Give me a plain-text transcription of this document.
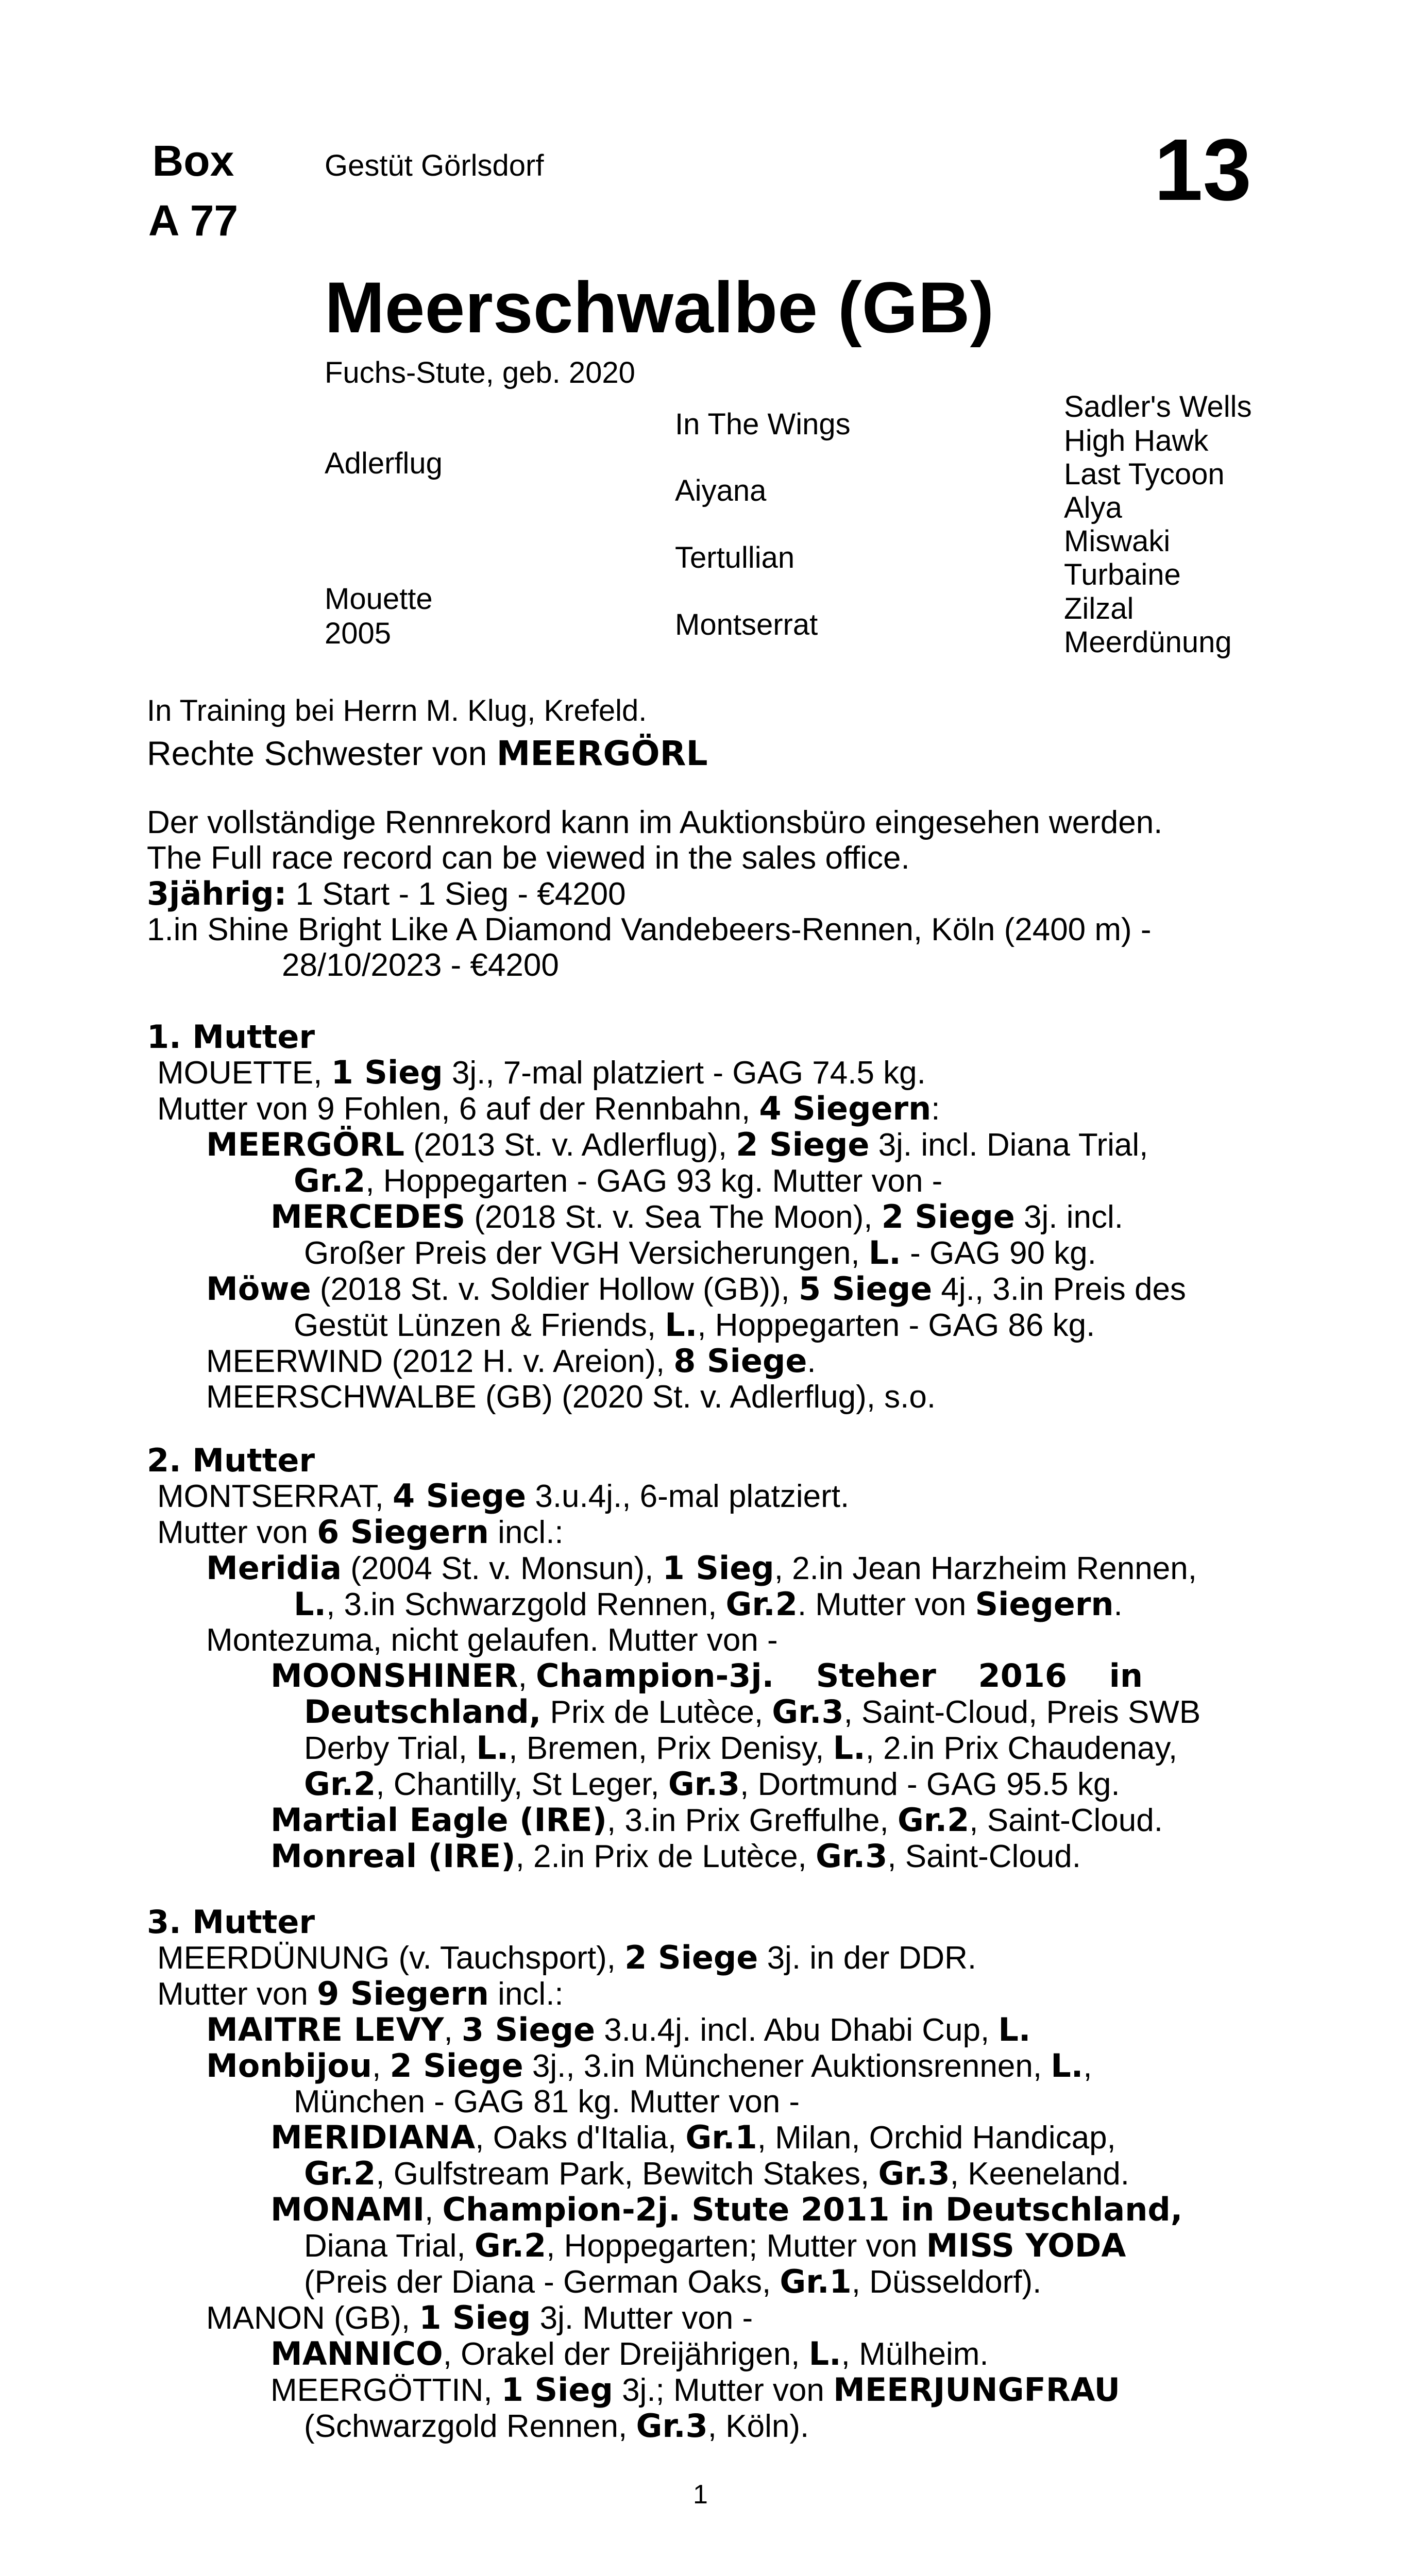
Box
A 77
Gestüt Görlsdorf	13
Meerschwalbe (GB)
Fuchs-Stute, geb. 2020
Adlerflug
Mouette
2005
In The Wings
Aiyana
Tertullian
Montserrat
Sadler's Wells
High Hawk
Last Tycoon
Alya
Miswaki
Turbaine
Zilzal
Meerdünung
In Training bei Herrn M. Klug, Krefeld.
Rechte Schwester von MEERGÖRL
Der vollständige Rennrekord kann im Auktionsbüro eingesehen werden.
The Full race record can be viewed in the sales office.
3jährig: 1 Start - 1 Sieg - €4200
1.in Shine Bright Like A Diamond Vandebeers-Rennen, Köln (2400 m) -
28/10/2023 - €4200
1. Mutter
MOUETTE, 1 Sieg 3j., 7-mal platziert - GAG 74.5 kg.
Mutter von 9 Fohlen, 6 auf der Rennbahn, 4 Siegern:
MEERGÖRL (2013 St. v. Adlerflug), 2 Siege 3j. incl. Diana Trial,
Gr.2, Hoppegarten - GAG 93 kg. Mutter von -
MERCEDES (2018 St. v. Sea The Moon), 2 Siege 3j. incl.
Großer Preis der VGH Versicherungen, L. - GAG 90 kg.
Möwe (2018 St. v. Soldier Hollow (GB)), 5 Siege 4j., 3.in Preis des
Gestüt Lünzen & Friends, L., Hoppegarten - GAG 86 kg.
MEERWIND (2012 H. v. Areion), 8 Siege.
MEERSCHWALBE (GB) (2020 St. v. Adlerflug), s.o.
2. Mutter
MONTSERRAT, 4 Siege 3.u.4j., 6-mal platziert.
Mutter von 6 Siegern incl.:
Meridia (2004 St. v. Monsun), 1 Sieg, 2.in Jean Harzheim Rennen,
L., 3.in Schwarzgold Rennen, Gr.2. Mutter von Siegern.
Montezuma, nicht gelaufen. Mutter von -
MOONSHINER, Champion-3j. Steher 2016 in
Deutschland, Prix de Lutèce, Gr.3, Saint-Cloud, Preis SWB
Derby Trial, L., Bremen, Prix Denisy, L., 2.in Prix Chaudenay,
Gr.2, Chantilly, St Leger, Gr.3, Dortmund - GAG 95.5 kg.
Martial Eagle (IRE), 3.in Prix Greffulhe, Gr.2, Saint-Cloud.
Monreal (IRE), 2.in Prix de Lutèce, Gr.3, Saint-Cloud.
3. Mutter
MEERDÜNUNG (v. Tauchsport), 2 Siege 3j. in der DDR.
Mutter von 9 Siegern incl.:
MAITRE LEVY, 3 Siege 3.u.4j. incl. Abu Dhabi Cup, L.
Monbijou, 2 Siege 3j., 3.in Münchener Auktionsrennen, L.,
München - GAG 81 kg. Mutter von -
MERIDIANA, Oaks d'Italia, Gr.1, Milan, Orchid Handicap,
Gr.2, Gulfstream Park, Bewitch Stakes, Gr.3, Keeneland.
MONAMI, Champion-2j. Stute 2011 in Deutschland,
Diana Trial, Gr.2, Hoppegarten; Mutter von MISS YODA
(Preis der Diana - German Oaks, Gr.1, Düsseldorf).
MANON (GB), 1 Sieg 3j. Mutter von -
MANNICO, Orakel der Dreijährigen, L., Mülheim.
MEERGÖTTIN, 1 Sieg 3j.; Mutter von MEERJUNGFRAU
(Schwarzgold Rennen, Gr.3, Köln).
1
